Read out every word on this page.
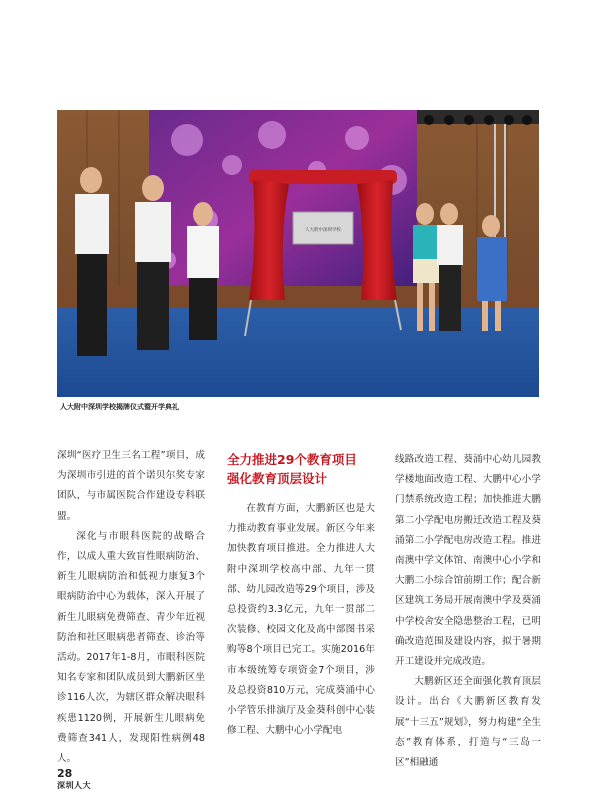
人大附中深圳学校
人大附中深圳学校揭牌仪式暨开学典礼

深圳“医疗卫生三名工程”项目，成为深圳市引进的首个诺贝尔奖专家团队，与市属医院合作建设专科联盟。

深化与市眼科医院的战略合作，以成人重大致盲性眼病防治、新生儿眼病防治和低视力康复3个眼病防治中心为载体，深入开展了新生儿眼病免费筛查、青少年近视防治和社区眼病患者筛查、诊治等活动。2017年1-8月，市眼科医院知名专家和团队成员到大鹏新区坐诊116人次，为辖区群众解决眼科疾患1120例，开展新生儿眼病免费筛查341人，发现阳性病例48人。

全力推进29个教育项目
强化教育顶层设计

在教育方面，大鹏新区也是大力推动教育事业发展。新区今年来加快教育项目推进。全力推进人大附中深圳学校高中部、九年一贯部、幼儿园改造等29个项目，涉及总投资约3.3亿元，九年一贯部二次装修、校园文化及高中部图书采购等8个项目已完工。实施2016年市本级统筹专项资金7个项目，涉及总投资810万元，完成葵涌中心小学管乐排演厅及金葵科创中心装修工程、大鹏中心小学配电

线路改造工程、葵涌中心幼儿园教学楼地面改造工程、大鹏中心小学门禁系统改造工程；加快推进大鹏第二小学配电房搬迁改造工程及葵涌第二小学配电房改造工程。推进南澳中学文体馆、南澳中心小学和大鹏二小综合馆前期工作；配合新区建筑工务局开展南澳中学及葵涌中学校舍安全隐患整治工程，已明确改造范围及建设内容，拟于暑期开工建设并完成改造。

大鹏新区还全面强化教育顶层设计。出台《大鹏新区教育发展“十三五”规划》，努力构建“全生态”教育体系，打造与“三岛一区”相融通

28
深圳人大
